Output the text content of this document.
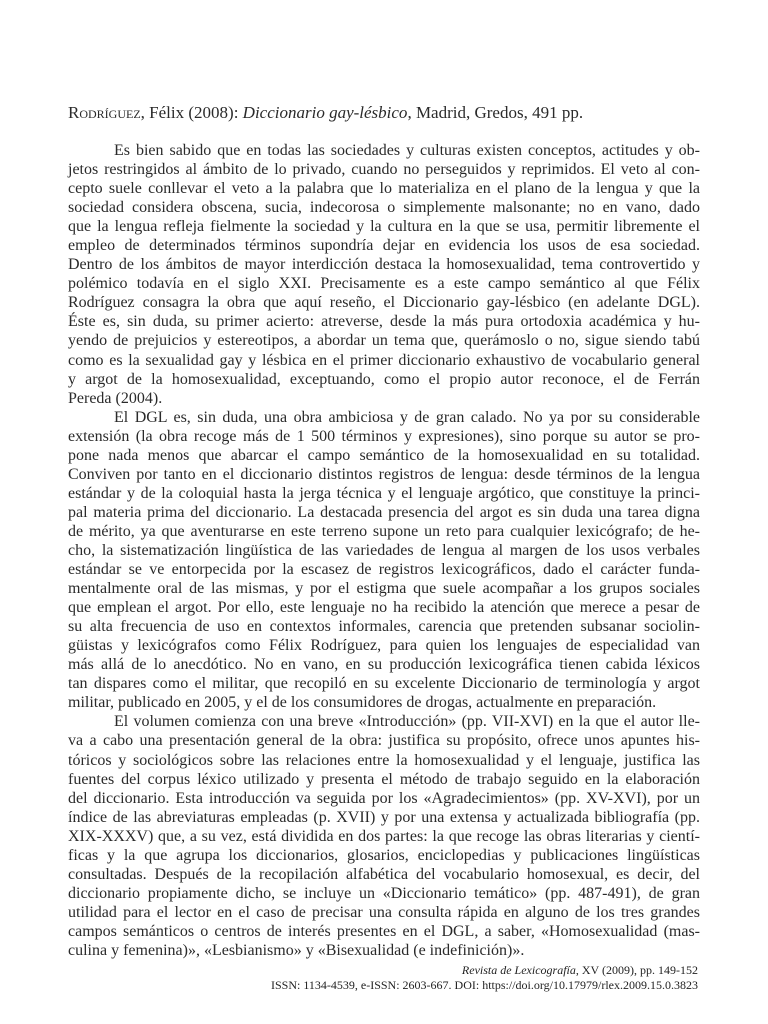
Rodríguez, Félix (2008): Diccionario gay-lésbico, Madrid, Gredos, 491 pp.
Es bien sabido que en todas las sociedades y culturas existen conceptos, actitudes y ob-
jetos restringidos al ámbito de lo privado, cuando no perseguidos y reprimidos. El veto al con-
cepto suele conllevar el veto a la palabra que lo materializa en el plano de la lengua y que la
sociedad considera obscena, sucia, indecorosa o simplemente malsonante; no en vano, dado
que la lengua refleja fielmente la sociedad y la cultura en la que se usa, permitir libremente el
empleo de determinados términos supondría dejar en evidencia los usos de esa sociedad.
Dentro de los ámbitos de mayor interdicción destaca la homosexualidad, tema controvertido y
polémico todavía en el siglo XXI. Precisamente es a este campo semántico al que Félix
Rodríguez consagra la obra que aquí reseño, el Diccionario gay-lésbico (en adelante DGL).
Éste es, sin duda, su primer acierto: atreverse, desde la más pura ortodoxia académica y hu-
yendo de prejuicios y estereotipos, a abordar un tema que, querámoslo o no, sigue siendo tabú
como es la sexualidad gay y lésbica en el primer diccionario exhaustivo de vocabulario general
y argot de la homosexualidad, exceptuando, como el propio autor reconoce, el de Ferrán
Pereda (2004).
El DGL es, sin duda, una obra ambiciosa y de gran calado. No ya por su considerable
extensión (la obra recoge más de 1 500 términos y expresiones), sino porque su autor se pro-
pone nada menos que abarcar el campo semántico de la homosexualidad en su totalidad.
Conviven por tanto en el diccionario distintos registros de lengua: desde términos de la lengua
estándar y de la coloquial hasta la jerga técnica y el lenguaje argótico, que constituye la princi-
pal materia prima del diccionario. La destacada presencia del argot es sin duda una tarea digna
de mérito, ya que aventurarse en este terreno supone un reto para cualquier lexicógrafo; de he-
cho, la sistematización lingüística de las variedades de lengua al margen de los usos verbales
estándar se ve entorpecida por la escasez de registros lexicográficos, dado el carácter funda-
mentalmente oral de las mismas, y por el estigma que suele acompañar a los grupos sociales
que emplean el argot. Por ello, este lenguaje no ha recibido la atención que merece a pesar de
su alta frecuencia de uso en contextos informales, carencia que pretenden subsanar sociolin-
güistas y lexicógrafos como Félix Rodríguez, para quien los lenguajes de especialidad van
más allá de lo anecdótico. No en vano, en su producción lexicográfica tienen cabida léxicos
tan dispares como el militar, que recopiló en su excelente Diccionario de terminología y argot
militar, publicado en 2005, y el de los consumidores de drogas, actualmente en preparación.
El volumen comienza con una breve «Introducción» (pp. VII-XVI) en la que el autor lle-
va a cabo una presentación general de la obra: justifica su propósito, ofrece unos apuntes his-
tóricos y sociológicos sobre las relaciones entre la homosexualidad y el lenguaje, justifica las
fuentes del corpus léxico utilizado y presenta el método de trabajo seguido en la elaboración
del diccionario. Esta introducción va seguida por los «Agradecimientos» (pp. XV-XVI), por un
índice de las abreviaturas empleadas (p. XVII) y por una extensa y actualizada bibliografía (pp.
XIX-XXXV) que, a su vez, está dividida en dos partes: la que recoge las obras literarias y cientí-
ficas y la que agrupa los diccionarios, glosarios, enciclopedias y publicaciones lingüísticas
consultadas. Después de la recopilación alfabética del vocabulario homosexual, es decir, del
diccionario propiamente dicho, se incluye un «Diccionario temático» (pp. 487-491), de gran
utilidad para el lector en el caso de precisar una consulta rápida en alguno de los tres grandes
campos semánticos o centros de interés presentes en el DGL, a saber, «Homosexualidad (mas-
culina y femenina)», «Lesbianismo» y «Bisexualidad (e indefinición)».
Revista de Lexicografía, XV (2009), pp. 149-152
ISSN: 1134-4539, e-ISSN: 2603-667. DOI: https://doi.org/10.17979/rlex.2009.15.0.3823
